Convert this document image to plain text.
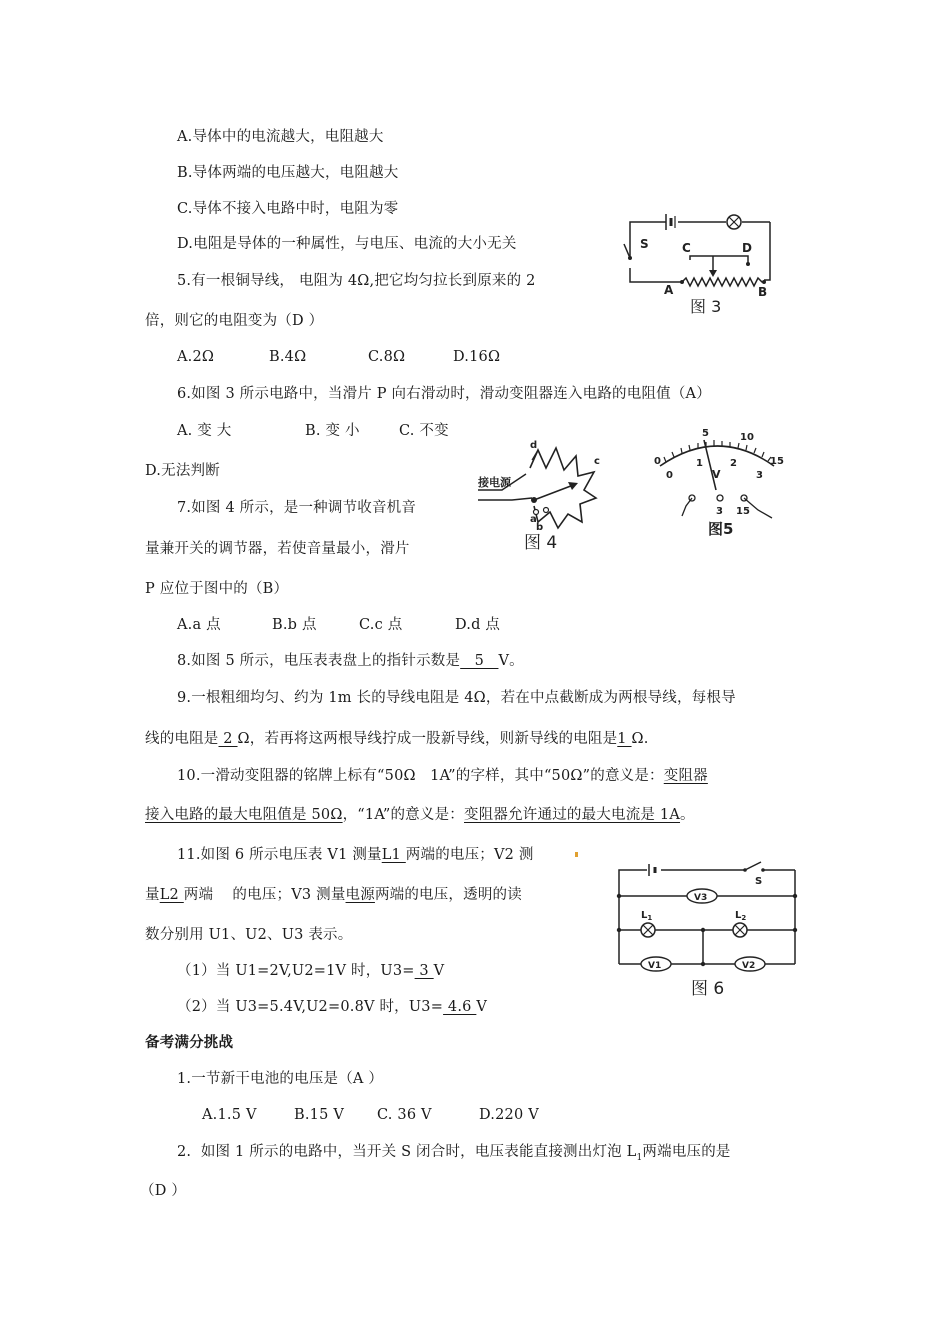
A.导体中的电流越大，电阻越大
B.导体两端的电压越大，电阻越大
C.导体不接入电路中时，电阻为零
D.电阻是导体的一种属性，与电压、电流的大小无关
5.有一根铜导线， 电阻为 4Ω,把它均匀拉长到原来的 2
倍，则它的电阻变为（D ）
A.2Ω	B.4Ω	C.8Ω	D.16Ω
6.如图 3 所示电路中，当滑片 P 向右滑动时，滑动变阻器连入电路的电阻值（A）
A. 变 大	B. 变 小	C. 不变
D.无法判断
7.如图 4 所示，是一种调节收音机音
量兼开关的调节器，若使音量最小，滑片
P 应位于图中的（B）
A.a 点	B.b 点	C.c 点	D.d 点
8.如图 5 所示，电压表表盘上的指针示数是   5   V。
9.一根粗细均匀、约为 1m 长的导线电阻是 4Ω，若在中点截断成为两根导线，每根导
线的电阻是 2 Ω，若再将这两根导线拧成一股新导线，则新导线的电阻是1 Ω.
10.一滑动变阻器的铭牌上标有“50Ω   1A”的字样，其中“50Ω”的意义是：变阻器
接入电路的最大电阻值是 50Ω，“1A”的意义是：变阻器允许通过的最大电流是 1A。
11.如图 6 所示电压表 V1 测量L1 两端的电压；V2 测
量L2 两端    的电压；V3 测量电源两端的电压，透明的读
数分别用 U1、U2、U3 表示。
（1）当 U1=2V,U2=1V 时，U3= 3 V
（2）当 U3=5.4V,U2=0.8V 时，U3= 4.6 V
备考满分挑战
1.一节新干电池的电压是（A ）
A.1.5 V	B.15 V C. 36 V	D.220 V
2.  如图 1 所示的电路中，当开关 S 闭合时，电压表能直接测出灯泡 $L_1$两端电压的是
（D ）
S	C	D
A	B
图 3
d
c
a
b
接电源
图 4
0
5	10
15
0
1	2
3
V
3 15
图5
V3
V1	V2
S
$L_1$	$L_2$
图 6
